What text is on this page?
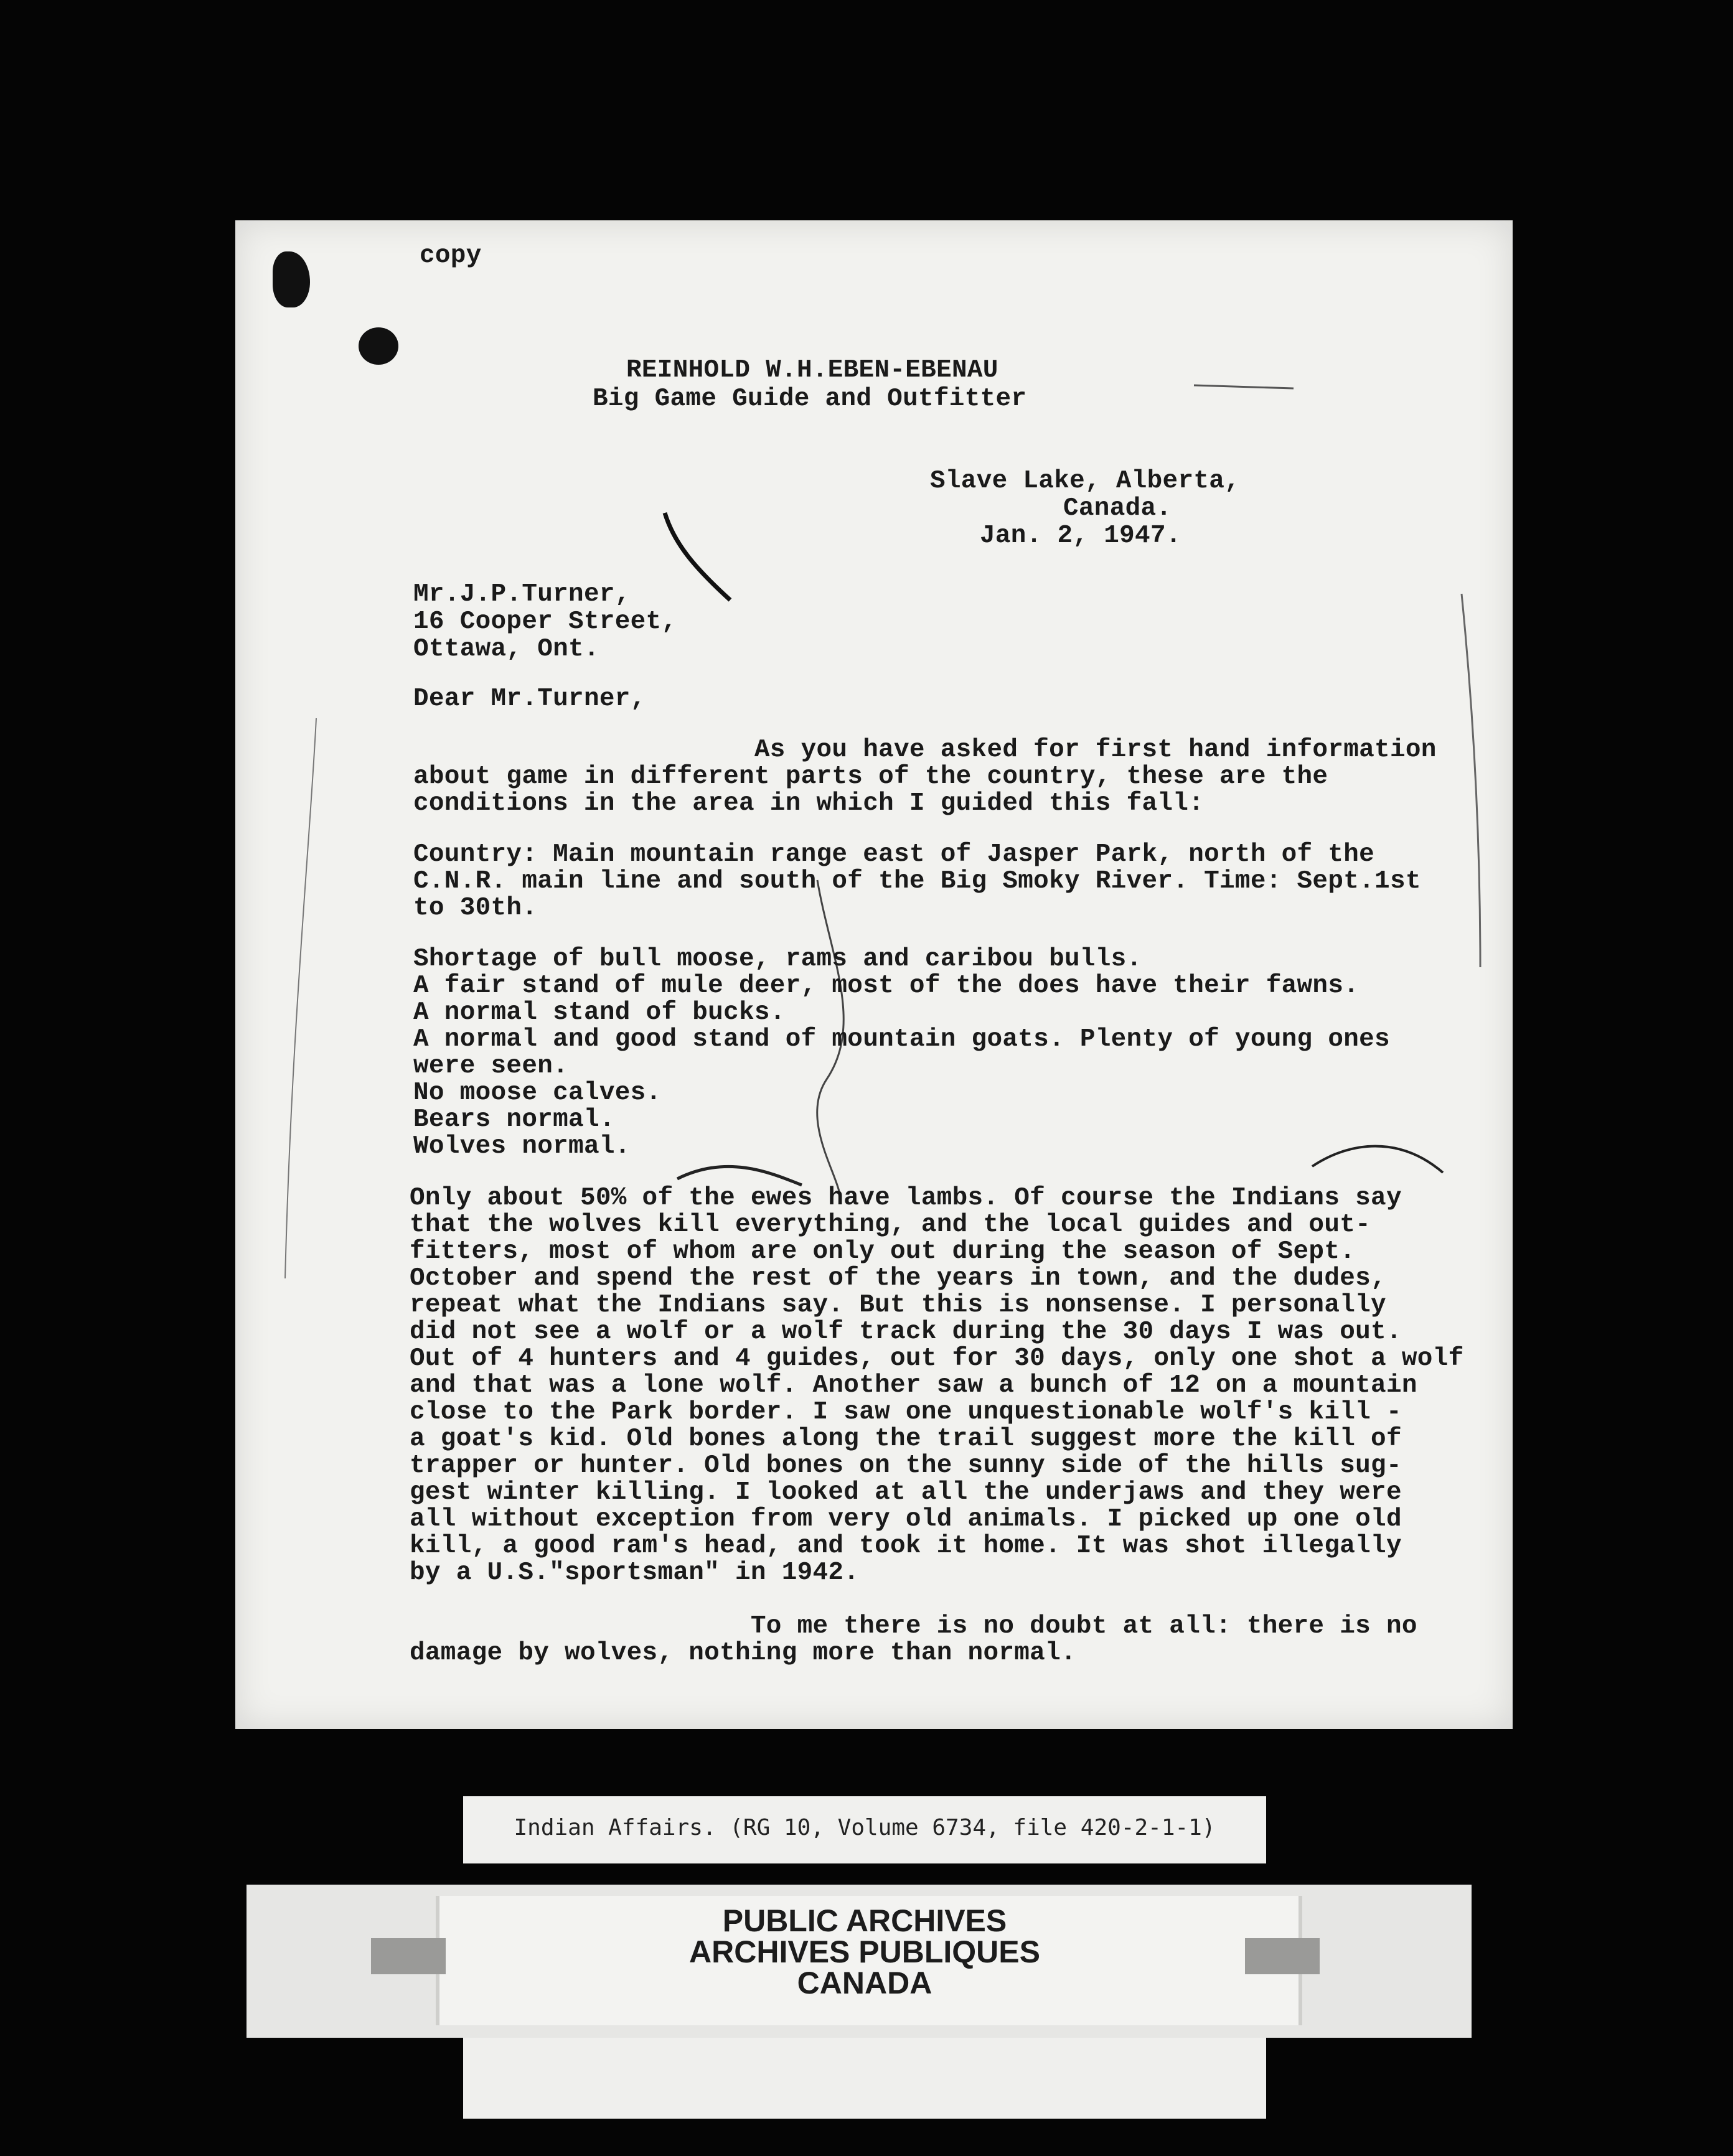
copy

REINHOLD W.H.EBEN-EBENAU

Big Game Guide and Outfitter

Slave Lake, Alberta,

Canada.

Jan. 2, 1947.

Mr.J.P.Turner,

16 Cooper Street,

Ottawa, Ont.

Dear Mr.Turner,

As you have asked for first hand information

about game in different parts of the country, these are the

conditions in the area in which I guided this fall:

Country: Main mountain range east of Jasper Park, north of the

C.N.R. main line and south of the Big Smoky River. Time: Sept.1st

to 30th.

Shortage of bull moose, rams and caribou bulls.

A fair stand of mule deer, most of the does have their fawns.

A normal stand of bucks.

A normal and good stand of mountain goats. Plenty of young ones

were seen.

No moose calves.

Bears normal.

Wolves normal.

Only about 50% of the ewes have lambs. Of course the Indians say

that the wolves kill everything, and the local guides and out-

fitters, most of whom are only out during the season of Sept.

October and spend the rest of the years in town, and the dudes,

repeat what the Indians say. But this is nonsense. I personally

did not see a wolf or a wolf track during the 30 days I was out.

Out of 4 hunters and 4 guides, out for 30 days, only one shot a wolf

and that was a lone wolf. Another saw a bunch of 12 on a mountain

close to the Park border. I saw one unquestionable wolf's kill -

a goat's kid. Old bones along the trail suggest more the kill of

trapper or hunter. Old bones on the sunny side of the hills sug-

gest winter killing. I looked at all the underjaws and they were

all without exception from very old animals. I picked up one old

kill, a good ram's head, and took it home. It was shot illegally

by a U.S."sportsman" in 1942.

To me there is no doubt at all: there is no

damage by wolves, nothing more than normal.

Indian Affairs. (RG 10, Volume 6734, file 420-2-1-1)
PUBLIC ARCHIVES
ARCHIVES PUBLIQUES
CANADA
